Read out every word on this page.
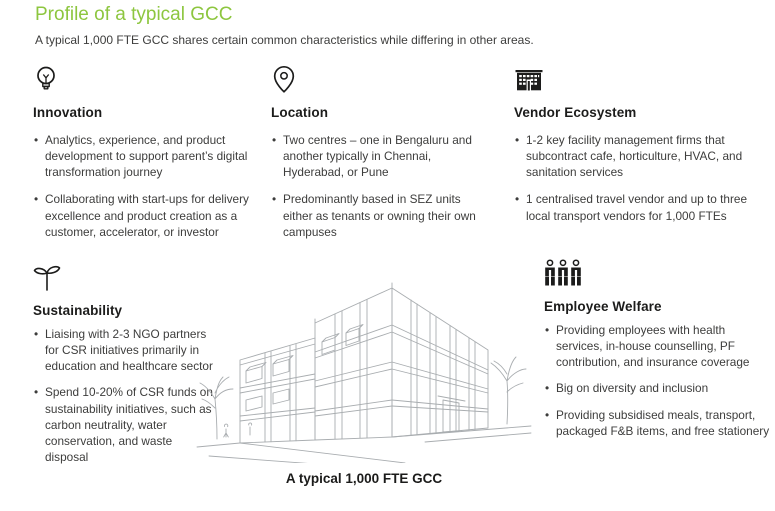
Profile of a typical GCC

A typical 1,000 FTE GCC shares certain common characteristics while differing in other areas.

Innovation
• Analytics, experience, and product development to support parent’s digital transformation journey
• Collaborating with start-ups for delivery excellence and product creation as a customer, accelerator, or investor
Location
• Two centres – one in Bengaluru and another typically in Chennai, Hyderabad, or Pune
• Predominantly based in SEZ units either as tenants or owning their own campuses
Vendor Ecosystem
• 1-2 key facility management firms that subcontract cafe, horticulture, HVAC, and sanitation services
• 1 centralised travel vendor and up to three local transport vendors for 1,000 FTEs
Sustainability
• Liaising with 2-3 NGO partners for CSR initiatives primarily in education and healthcare sector
• Spend 10-20% of CSR funds on sustainability initiatives, such as carbon neutrality, water conservation, and waste disposal
A typical 1,000 FTE GCC
Employee Welfare
• Providing employees with health services, in-house counselling, PF contribution, and insurance coverage
• Big on diversity and inclusion
• Providing subsidised meals, transport, packaged F&B items, and free stationery
